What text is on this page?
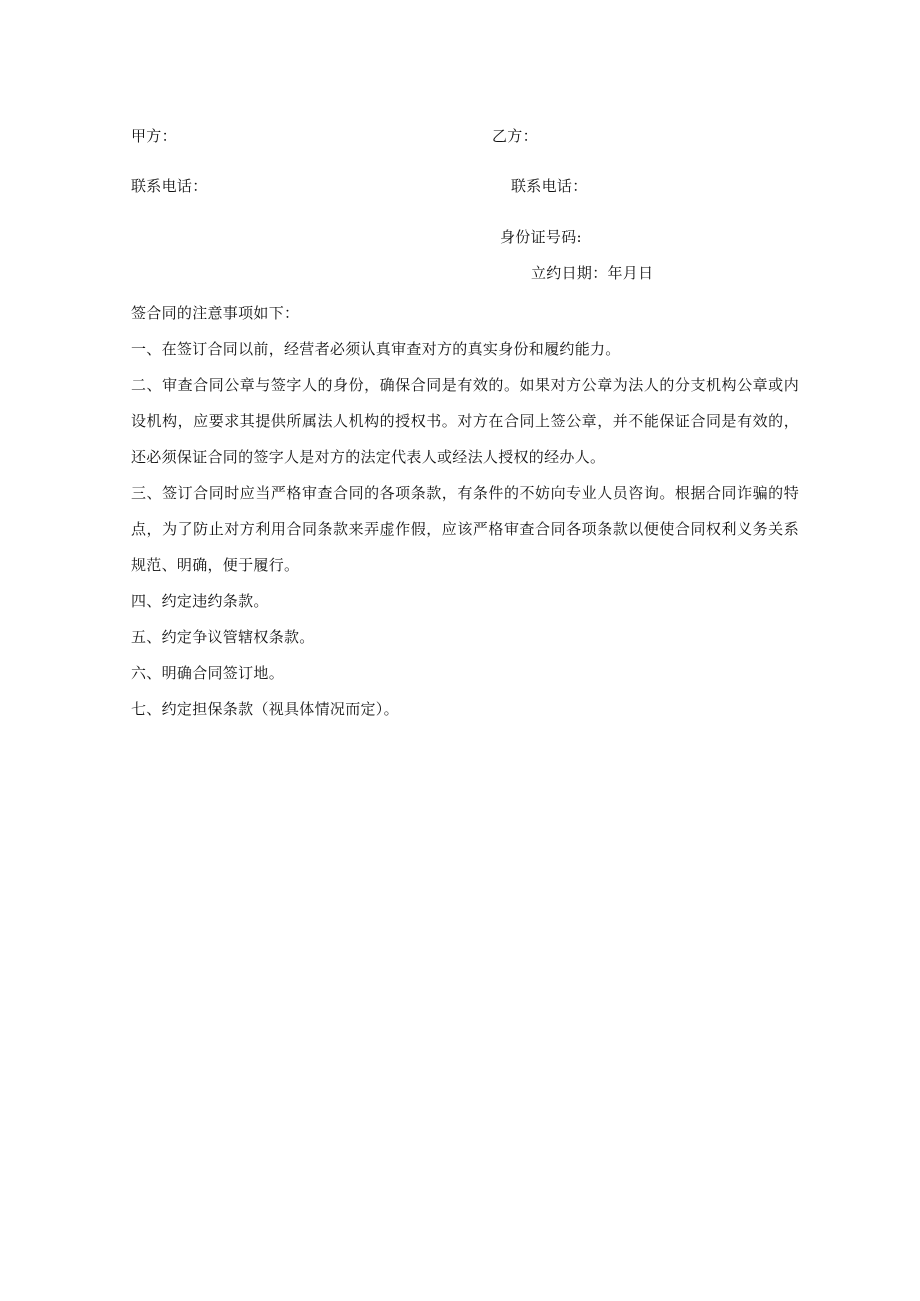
甲方：	乙方：
联系电话：	联系电话：
身份证号码:
立约日期：年月日

签合同的注意事项如下：

一、在签订合同以前，经营者必须认真审查对方的真实身份和履约能力。

二、审查合同公章与签字人的身份，确保合同是有效的。如果对方公章为法人的分支机构公章或内设机构，应要求其提供所属法人机构的授权书。对方在合同上签公章，并不能保证合同是有效的，还必须保证合同的签字人是对方的法定代表人或经法人授权的经办人。

三、签订合同时应当严格审查合同的各项条款，有条件的不妨向专业人员咨询。根据合同诈骗的特点，为了防止对方利用合同条款来弄虚作假，应该严格审查合同各项条款以便使合同权利义务关系规范、明确，便于履行。

四、约定违约条款。

五、约定争议管辖权条款。

六、明确合同签订地。

七、约定担保条款（视具体情况而定）。
